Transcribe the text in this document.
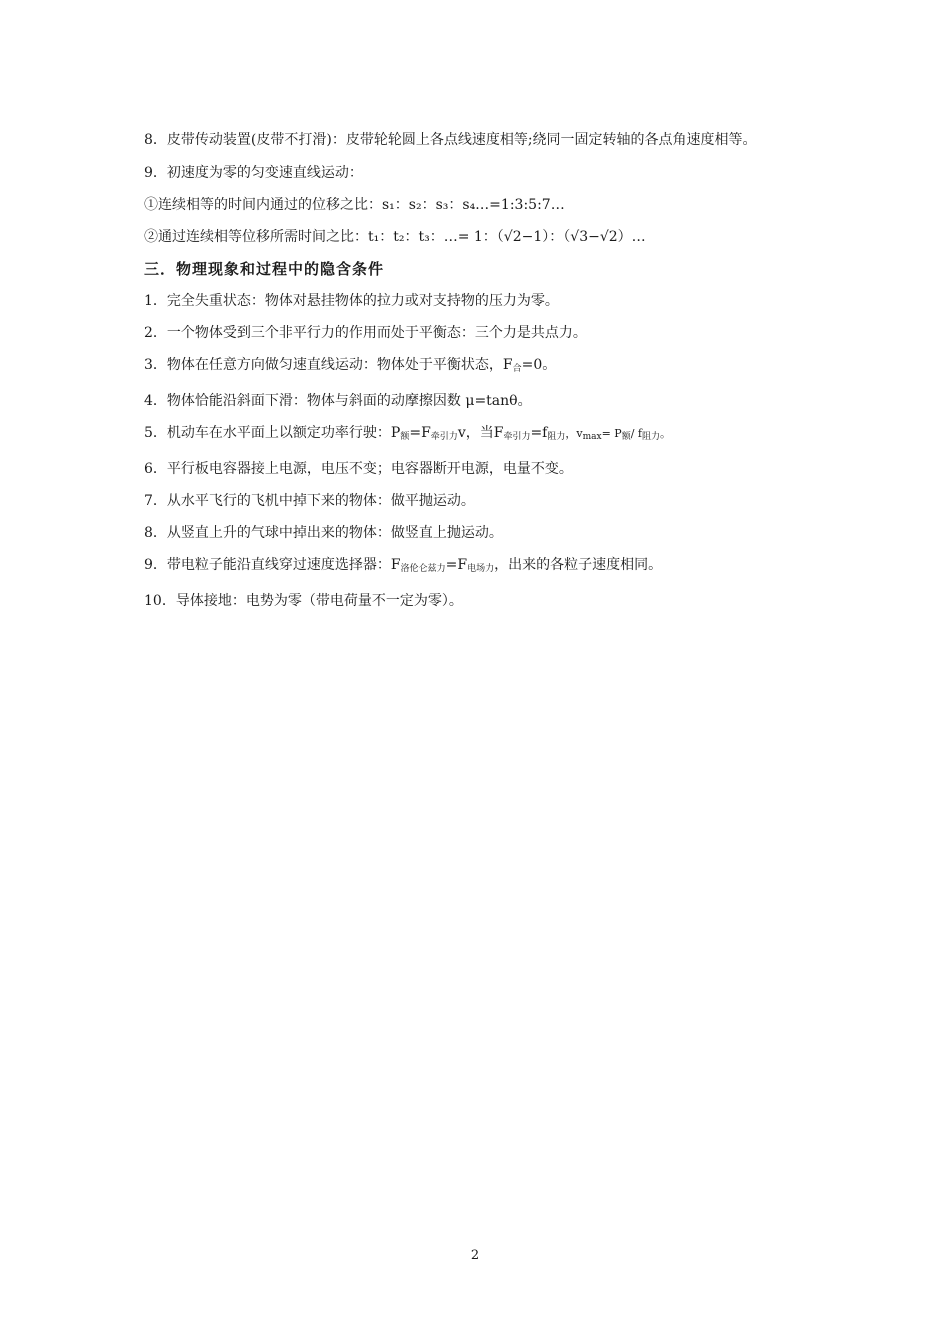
8．皮带传动装置(皮带不打滑)：皮带轮轮圆上各点线速度相等;绕同一固定转轴的各点角速度相等。

9．初速度为零的匀变速直线运动：

①连续相等的时间内通过的位移之比：s₁：s₂：s₃：s₄…=1:3:5:7…

②通过连续相等位移所需时间之比：t₁：t₂：t₃：…= 1：（√2−1）：（√3−√2）…

三．物理现象和过程中的隐含条件

1．完全失重状态：物体对悬挂物体的拉力或对支持物的压力为零。

2．一个物体受到三个非平行力的作用而处于平衡态：三个力是共点力。

3．物体在任意方向做匀速直线运动：物体处于平衡状态，$F_合=0$。

4．物体恰能沿斜面下滑：物体与斜面的动摩擦因数 μ=tanθ。

5．机动车在水平面上以额定功率行驶：$P_额=F_{牵引力}v$，当$F_{牵引力}=f_{阻力}$，$v_{max}= P_额/$ $f_{阻力}$。

6．平行板电容器接上电源，电压不变；电容器断开电源，电量不变。

7．从水平飞行的飞机中掉下来的物体：做平抛运动。

8．从竖直上升的气球中掉出来的物体：做竖直上抛运动。

9．带电粒子能沿直线穿过速度选择器：$F_{洛伦仑兹力}=F_{电场力}$，出来的各粒子速度相同。

10．导体接地：电势为零（带电荷量不一定为零）。

2
